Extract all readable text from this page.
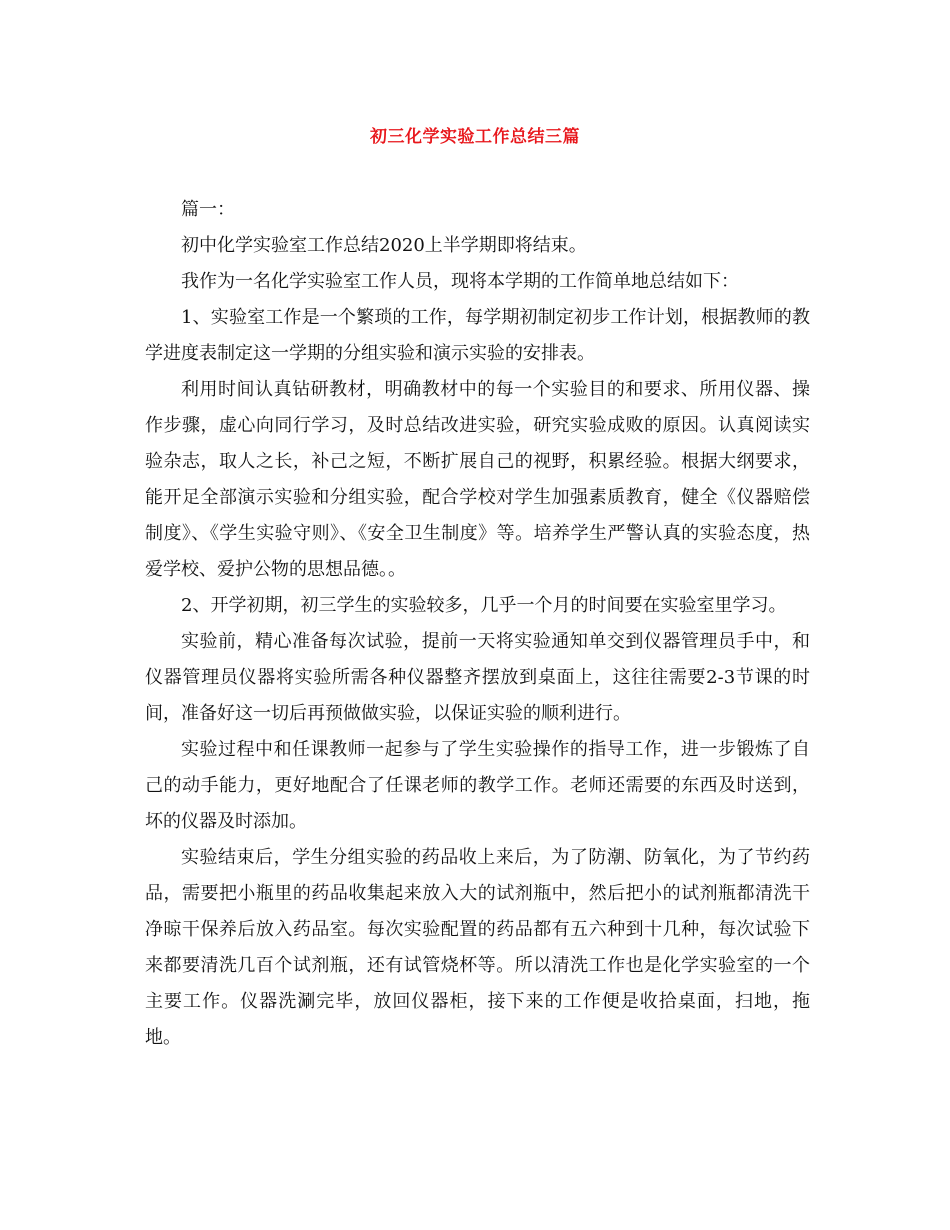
初三化学实验工作总结三篇

篇一：

初中化学实验室工作总结2020上半学期即将结束。

我作为一名化学实验室工作人员，现将本学期的工作简单地总结如下：

1、实验室工作是一个繁琐的工作，每学期初制定初步工作计划，根据教师的教学进度表制定这一学期的分组实验和演示实验的安排表。

利用时间认真钻研教材，明确教材中的每一个实验目的和要求、所用仪器、操作步骤，虚心向同行学习，及时总结改进实验，研究实验成败的原因。认真阅读实验杂志，取人之长，补己之短，不断扩展自己的视野，积累经验。根据大纲要求，能开足全部演示实验和分组实验，配合学校对学生加强素质教育，健全《仪器赔偿制度》、《学生实验守则》、《安全卫生制度》等。培养学生严警认真的实验态度，热爱学校、爱护公物的思想品德。。

2、开学初期，初三学生的实验较多，几乎一个月的时间要在实验室里学习。

实验前，精心准备每次试验，提前一天将实验通知单交到仪器管理员手中，和仪器管理员仪器将实验所需各种仪器整齐摆放到桌面上，这往往需要2-3节课的时间，准备好这一切后再预做做实验，以保证实验的顺利进行。

实验过程中和任课教师一起参与了学生实验操作的指导工作，进一步锻炼了自己的动手能力，更好地配合了任课老师的教学工作。老师还需要的东西及时送到，坏的仪器及时添加。

实验结束后，学生分组实验的药品收上来后，为了防潮、防氧化，为了节约药品，需要把小瓶里的药品收集起来放入大的试剂瓶中，然后把小的试剂瓶都清洗干净晾干保养后放入药品室。每次实验配置的药品都有五六种到十几种，每次试验下来都要清洗几百个试剂瓶，还有试管烧杯等。所以清洗工作也是化学实验室的一个主要工作。仪器洗涮完毕，放回仪器柜，接下来的工作便是收拾桌面，扫地，拖地。
